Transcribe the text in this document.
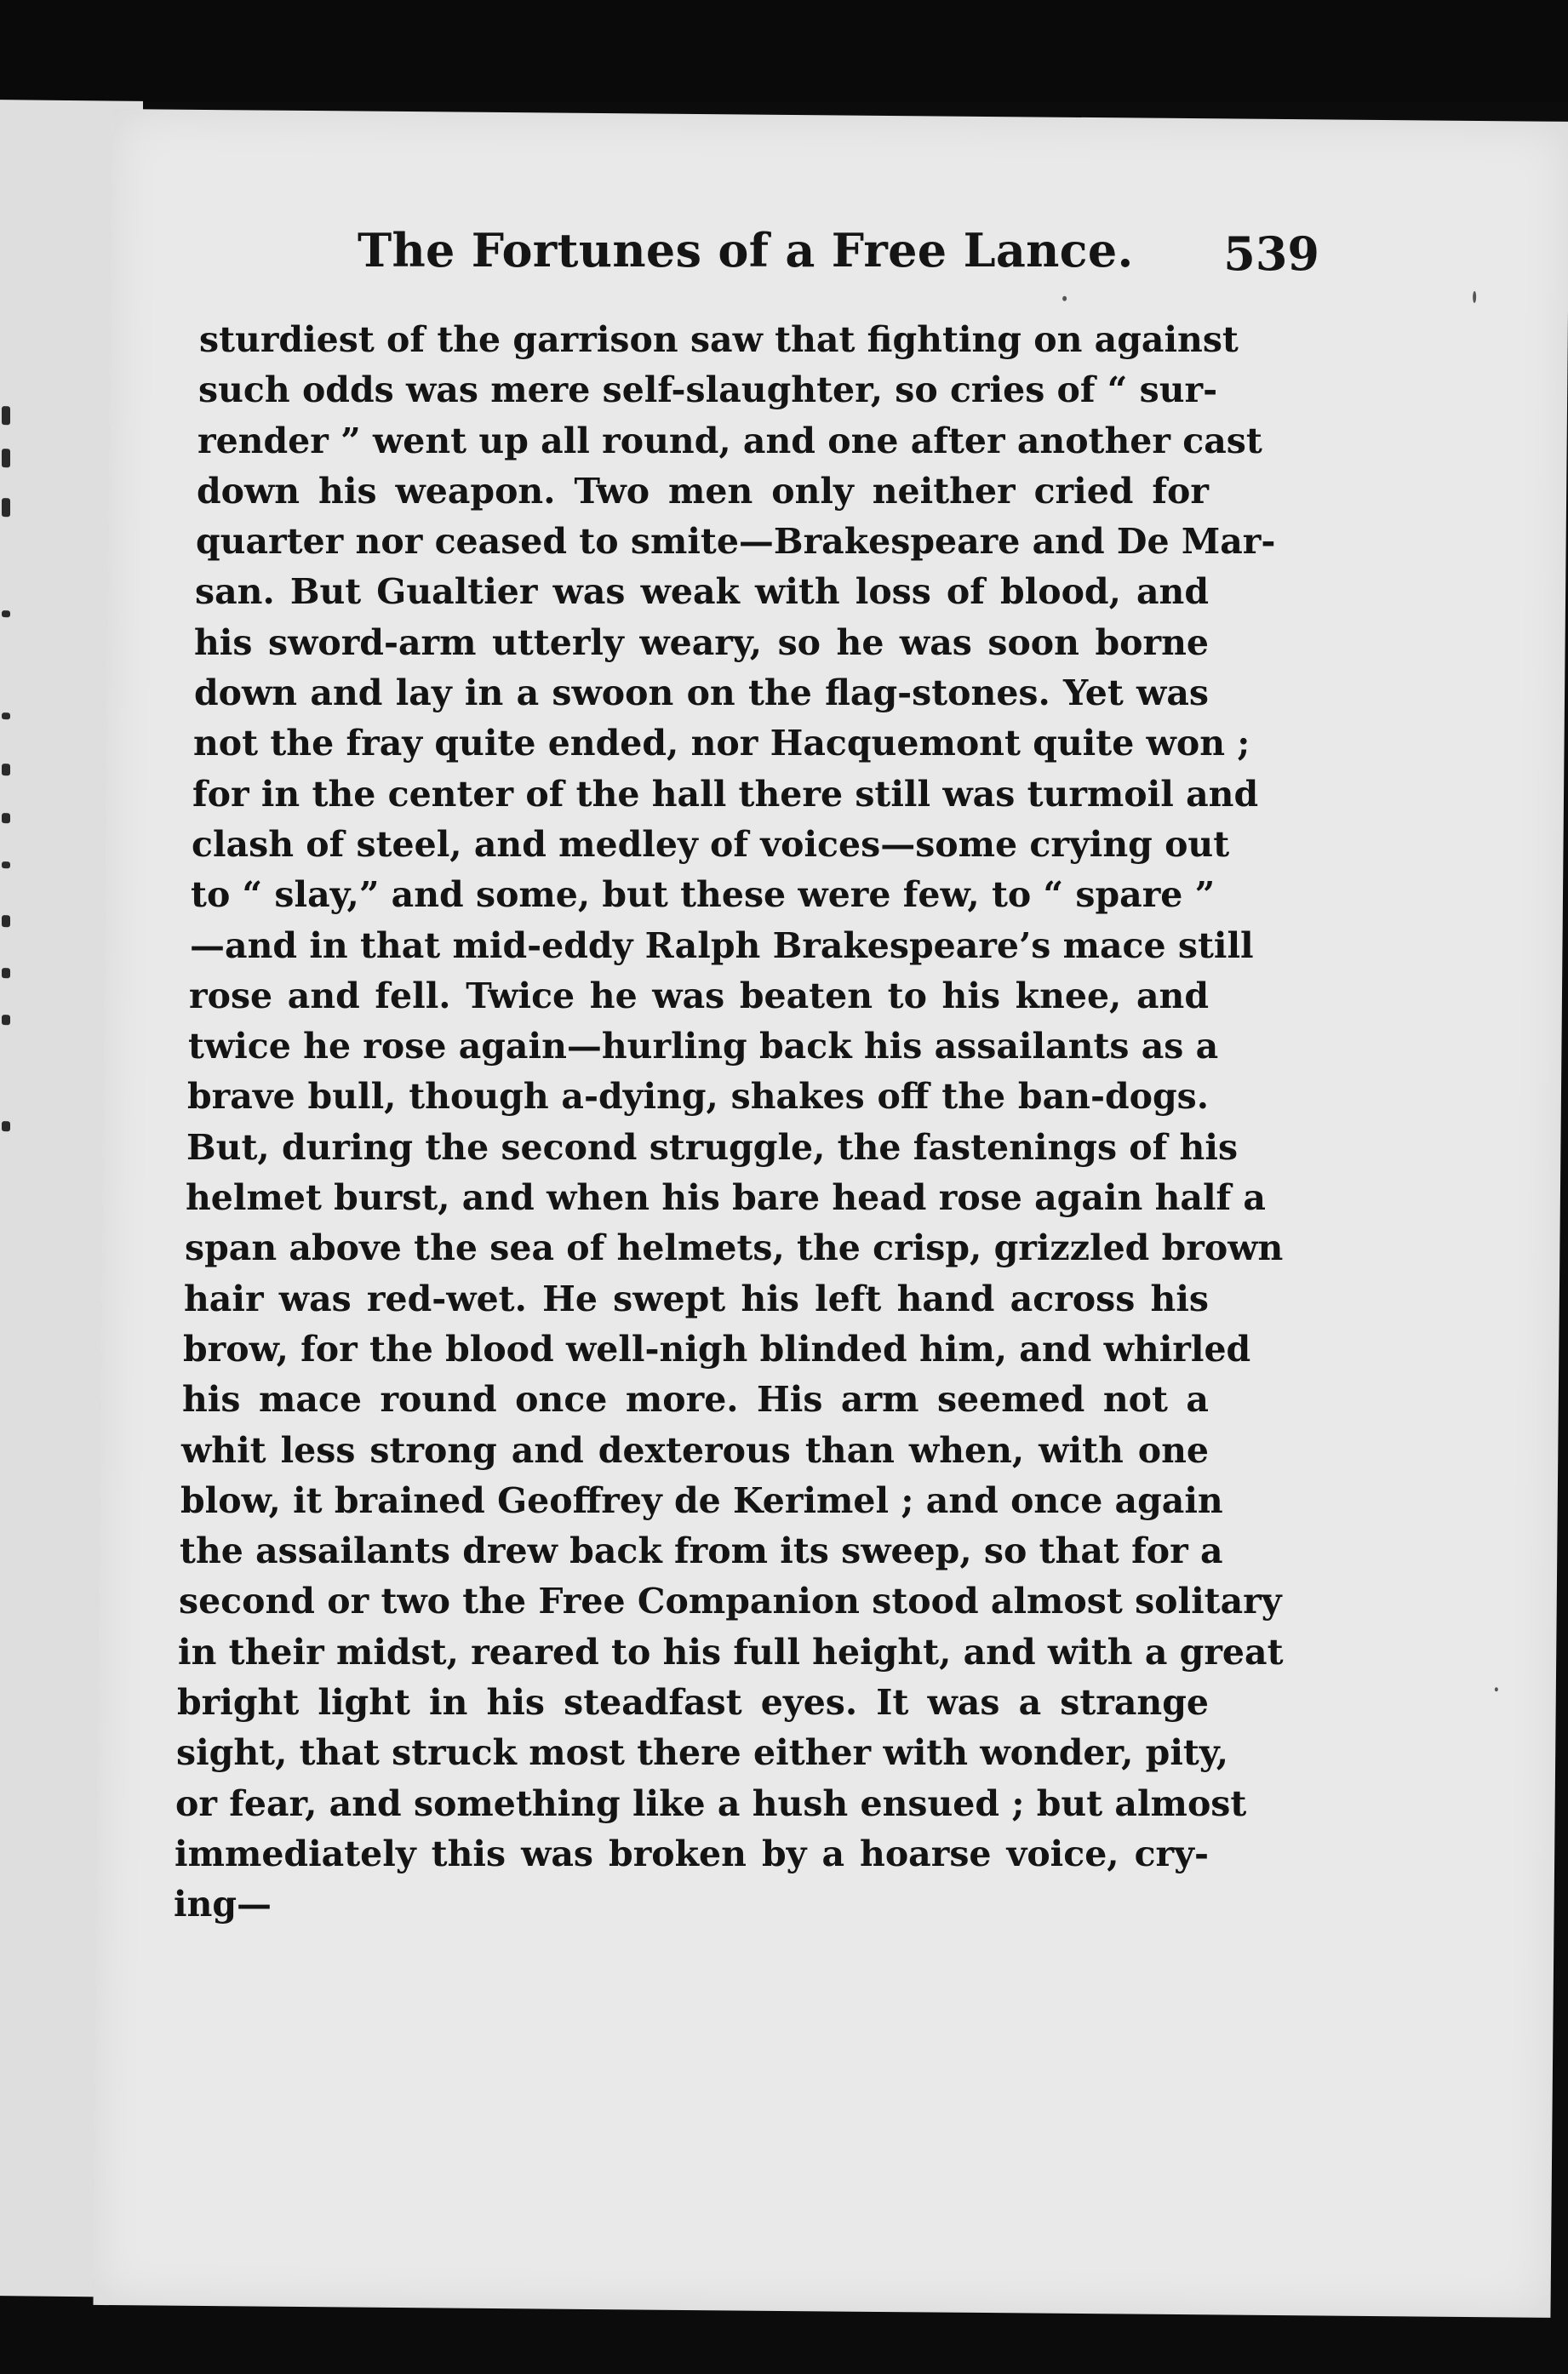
The Fortunes of a Free Lance. 539
sturdiest of the garrison saw that fighting on against
such odds was mere self-slaughter, so cries of “ sur-
render ” went up all round, and one after another cast
down his weapon. Two men only neither cried for
quarter nor ceased to smite—Brakespeare and De Mar-
san. But Gualtier was weak with loss of blood, and
his sword-arm utterly weary, so he was soon borne
down and lay in a swoon on the flag-stones. Yet was
not the fray quite ended, nor Hacquemont quite won ;
for in the center of the hall there still was turmoil and
clash of steel, and medley of voices—some crying out
to “ slay,” and some, but these were few, to “ spare ”
—and in that mid-eddy Ralph Brakespeare’s mace still
rose and fell. Twice he was beaten to his knee, and
twice he rose again—hurling back his assailants as a
brave bull, though a-dying, shakes off the ban-dogs.
But, during the second struggle, the fastenings of his
helmet burst, and when his bare head rose again half a
span above the sea of helmets, the crisp, grizzled brown
hair was red-wet. He swept his left hand across his
brow, for the blood well-nigh blinded him, and whirled
his mace round once more. His arm seemed not a
whit less strong and dexterous than when, with one
blow, it brained Geoffrey de Kerimel ; and once again
the assailants drew back from its sweep, so that for a
second or two the Free Companion stood almost solitary
in their midst, reared to his full height, and with a great
bright light in his steadfast eyes. It was a strange
sight, that struck most there either with wonder, pity,
or fear, and something like a hush ensued ; but almost
immediately this was broken by a hoarse voice, cry-
ing—
